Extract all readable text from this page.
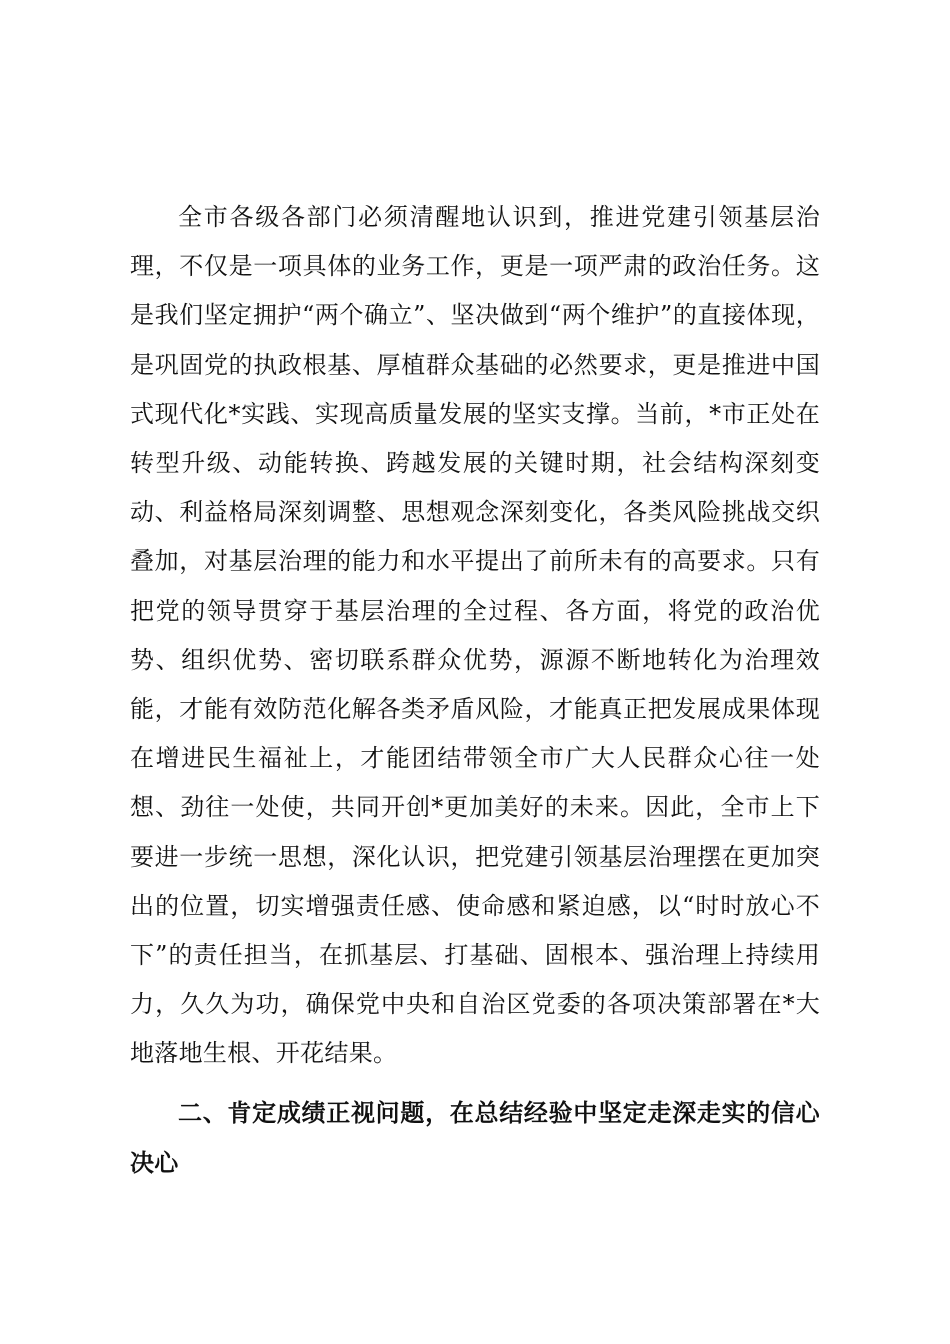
全市各级各部门必须清醒地认识到，推进党建引领基层治理，不仅是一项具体的业务工作，更是一项严肃的政治任务。这是我们坚定拥护“两个确立”、坚决做到“两个维护”的直接体现，是巩固党的执政根基、厚植群众基础的必然要求，更是推进中国式现代化*实践、实现高质量发展的坚实支撑。当前，*市正处在转型升级、动能转换、跨越发展的关键时期，社会结构深刻变动、利益格局深刻调整、思想观念深刻变化，各类风险挑战交织叠加，对基层治理的能力和水平提出了前所未有的高要求。只有把党的领导贯穿于基层治理的全过程、各方面，将党的政治优势、组织优势、密切联系群众优势，源源不断地转化为治理效能，才能有效防范化解各类矛盾风险，才能真正把发展成果体现在增进民生福祉上，才能团结带领全市广大人民群众心往一处想、劲往一处使，共同开创*更加美好的未来。因此，全市上下要进一步统一思想，深化认识，把党建引领基层治理摆在更加突出的位置，切实增强责任感、使命感和紧迫感，以“时时放心不下”的责任担当，在抓基层、打基础、固根本、强治理上持续用力，久久为功，确保党中央和自治区党委的各项决策部署在*大地落地生根、开花结果。

二、肯定成绩正视问题，在总结经验中坚定走深走实的信心决心
